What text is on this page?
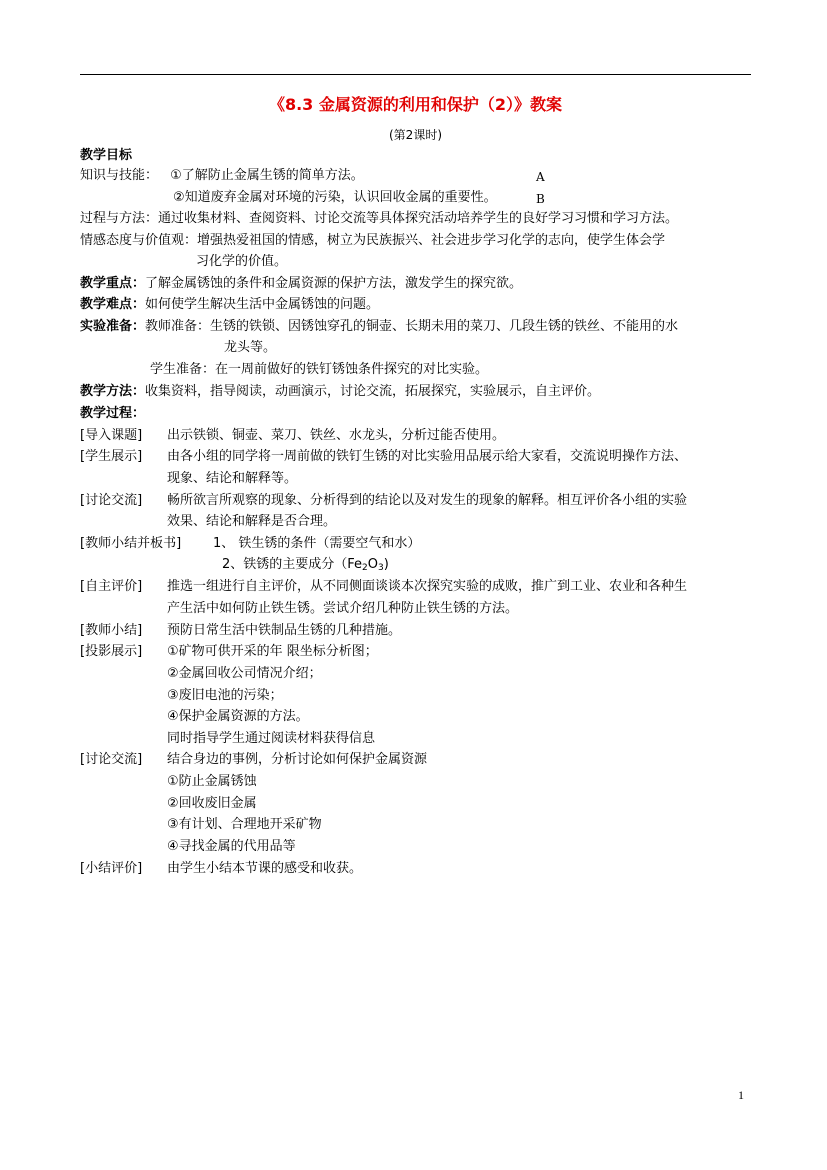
《8.3 金属资源的利用和保护（2）》教案
(第2课时)
教学目标
知识与技能： ①了解防止金属生锈的简单方法。	A
②知道废弃金属对环境的污染，认识回收金属的重要性。	B
过程与方法：通过收集材料、查阅资料、讨论交流等具体探究活动培养学生的良好学习习惯和学习方法。
情感态度与价值观：增强热爱祖国的情感，树立为民族振兴、社会进步学习化学的志向，使学生体会学
习化学的价值。
教学重点：了解金属锈蚀的条件和金属资源的保护方法，激发学生的探究欲。
教学难点：如何使学生解决生活中金属锈蚀的问题。
实验准备：教师准备：生锈的铁锁、因锈蚀穿孔的铜壶、长期未用的菜刀、几段生锈的铁丝、不能用的水
龙头等。
学生准备：在一周前做好的铁钉锈蚀条件探究的对比实验。
教学方法：收集资料，指导阅读，动画演示，讨论交流，拓展探究，实验展示，自主评价。
教学过程：
[导入课题] 出示铁锁、铜壶、菜刀、铁丝、水龙头，分析过能否使用。
[学生展示] 由各小组的同学将一周前做的铁钉生锈的对比实验用品展示给大家看，交流说明操作方法、
现象、结论和解释等。
[讨论交流] 畅所欲言所观察的现象、分析得到的结论以及对发生的现象的解释。相互评价各小组的实验
效果、结论和解释是否合理。
[教师小结并板书] 1、 铁生锈的条件（需要空气和水）
2、铁锈的主要成分$(Fe_2O_3)$
[自主评价] 推选一组进行自主评价，从不同侧面谈谈本次探究实验的成败，推广到工业、农业和各种生
产生活中如何防止铁生锈。尝试介绍几种防止铁生锈的方法。
[教师小结] 预防日常生活中铁制品生锈的几种措施。
[投影展示] ①矿物可供开采的年 限坐标分析图；
②金属回收公司情况介绍；
③废旧电池的污染；
④保护金属资源的方法。
同时指导学生通过阅读材料获得信息
[讨论交流] 结合身边的事例，分析讨论如何保护金属资源
①防止金属锈蚀
②回收废旧金属
③有计划、合理地开采矿物
④寻找金属的代用品等
[小结评价] 由学生小结本节课的感受和收获。
1
